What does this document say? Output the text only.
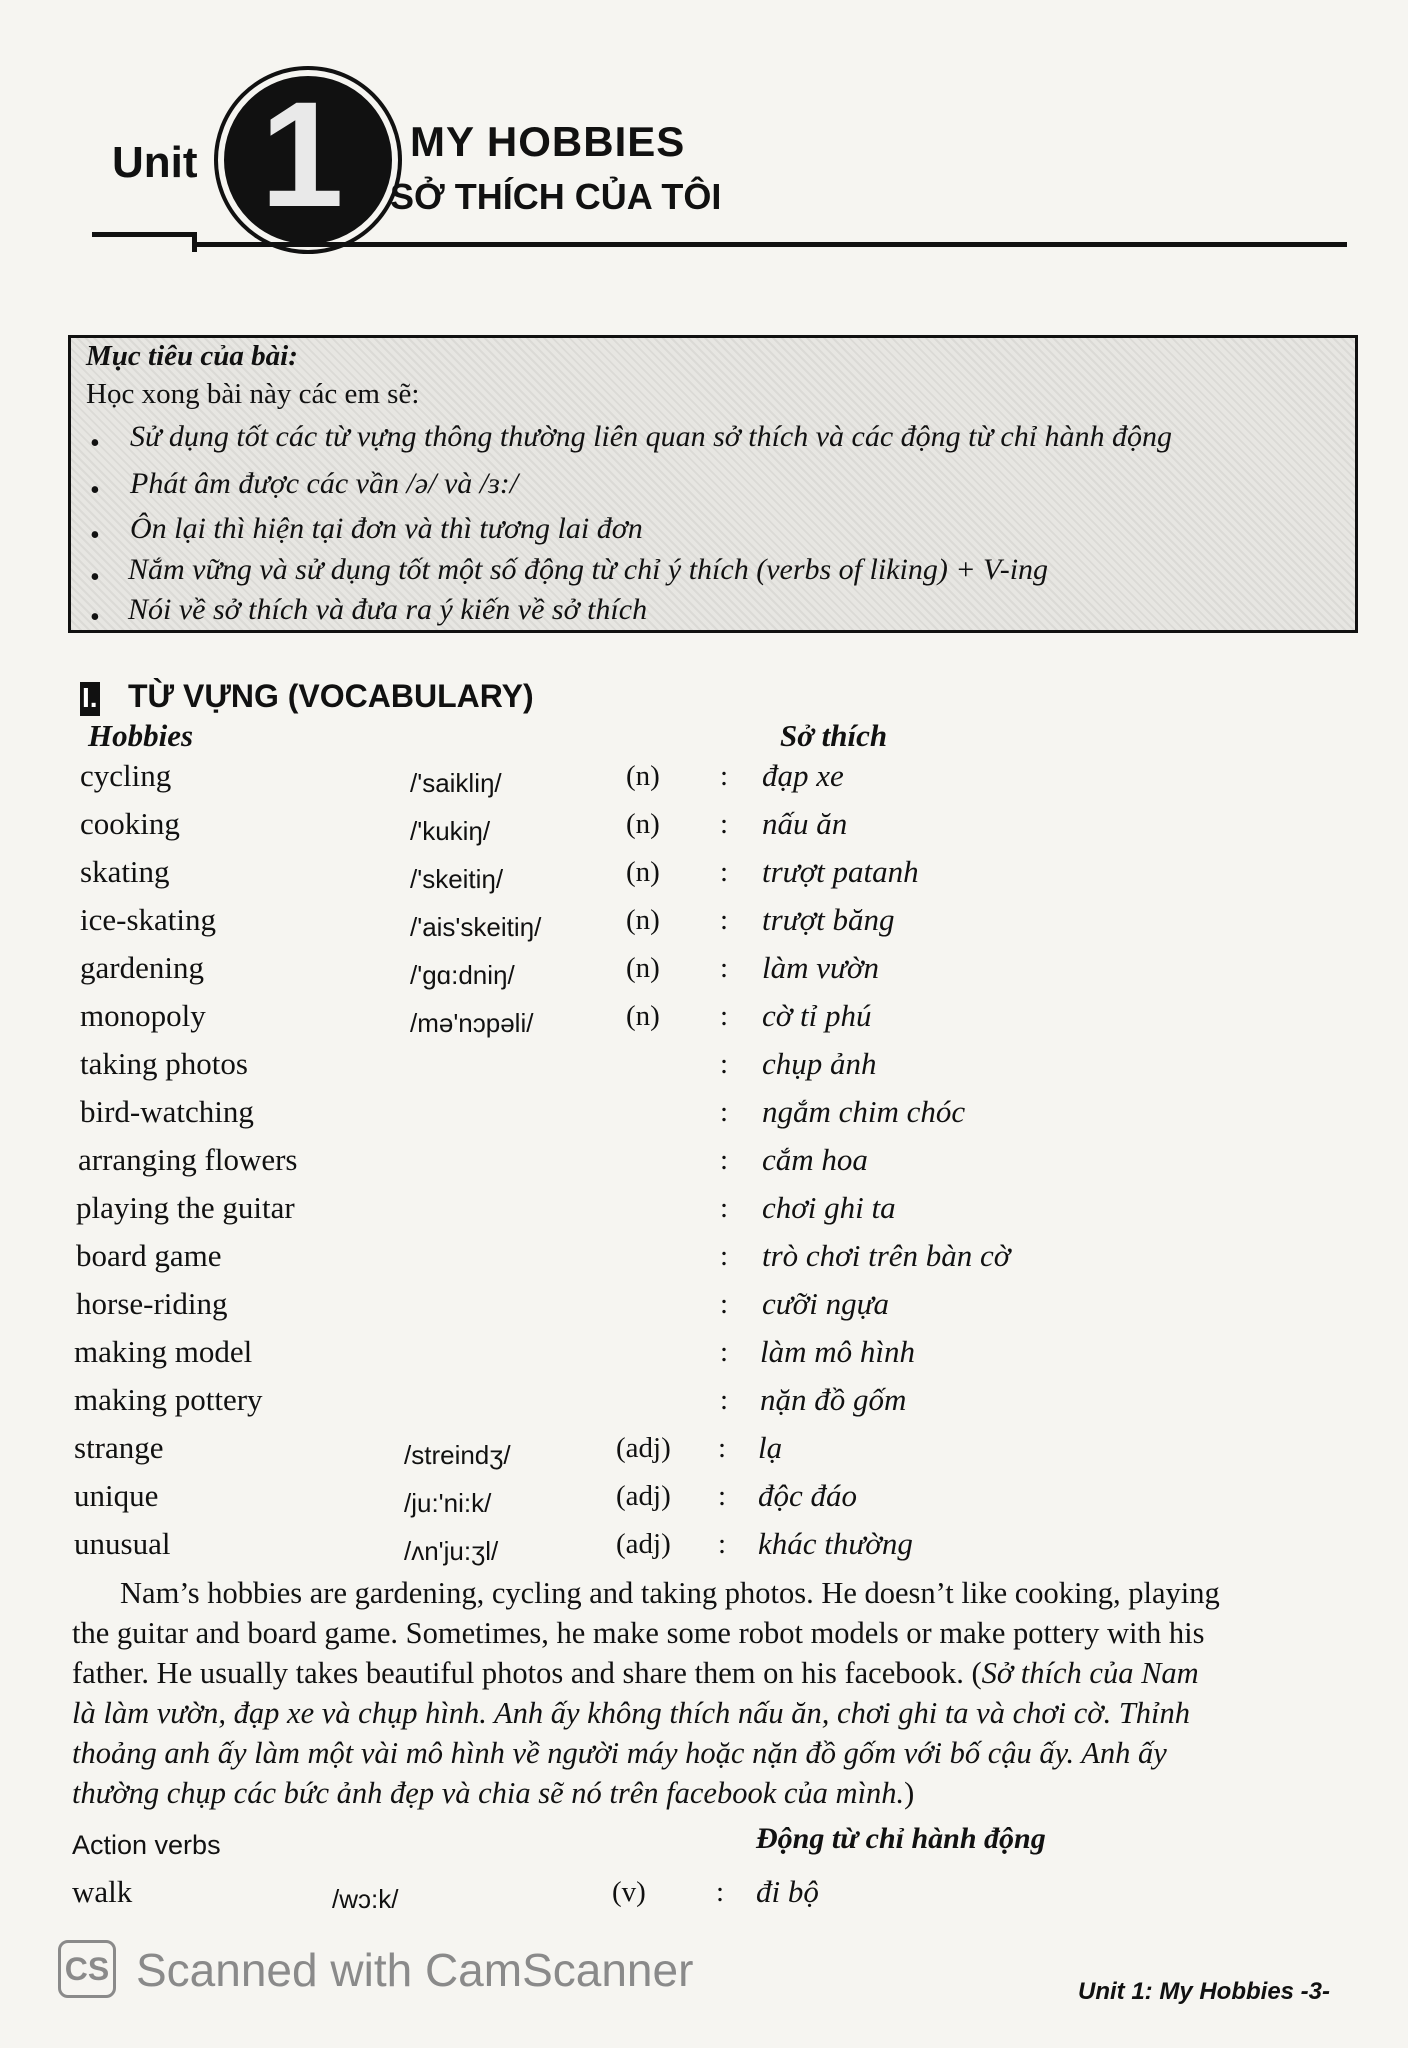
Unit 1	MY HOBBIES
SỞ THÍCH CỦA TÔI
Mục tiêu của bài:
Học xong bài này các em sẽ:
• Sử dụng tốt các từ vựng thông thường liên quan sở thích và các động từ chỉ hành động
• Phát âm được các vần /ə/ và /ɜ:/
• Ôn lại thì hiện tại đơn và thì tương lai đơn
• Nắm vững và sử dụng tốt một số động từ chỉ ý thích (verbs of liking) + V-ing
• Nói về sở thích và đưa ra ý kiến về sở thích
I. TỪ VỰNG (VOCABULARY)
Hobbies	Sở thích
cycling	/'saikliŋ/	(n) : đạp xe
cooking	/'kukiŋ/	(n) : nấu ăn
skating	/'skeitiŋ/	(n) : trượt patanh
ice-skating	/'ais'skeitiŋ/	(n) : trượt băng
gardening	/'gɑ:dniŋ/	(n) : làm vườn
monopoly	/mə'nɔpəli/	(n) : cờ tỉ phú
taking photos	: chụp ảnh
bird-watching	: ngắm chim chóc
arranging flowers	: cắm hoa
playing the guitar	: chơi ghi ta
board game	: trò chơi trên bàn cờ
horse-riding	: cưỡi ngựa
making model	: làm mô hình
making pottery	: nặn đồ gốm
strange	/streindʒ/	(adj) : lạ
unique	/ju:'ni:k/	(adj) : độc đáo
unusual	/ʌn'ju:ʒl/	(adj) : khác thường
Nam’s hobbies are gardening, cycling and taking photos. He doesn’t like cooking, playing
the guitar and board game. Sometimes, he make some robot models or make pottery with his
father. He usually takes beautiful photos and share them on his facebook. (Sở thích của Nam
là làm vườn, đạp xe và chụp hình. Anh ấy không thích nấu ăn, chơi ghi ta và chơi cờ. Thỉnh
thoảng anh ấy làm một vài mô hình về người máy hoặc nặn đồ gốm với bố cậu ấy. Anh ấy
thường chụp các bức ảnh đẹp và chia sẽ nó trên facebook của mình.)
Action verbs	Động từ chỉ hành động
walk	/wɔ:k/	(v) : đi bộ
CS Scanned with CamScanner	Unit 1: My Hobbies -3-
